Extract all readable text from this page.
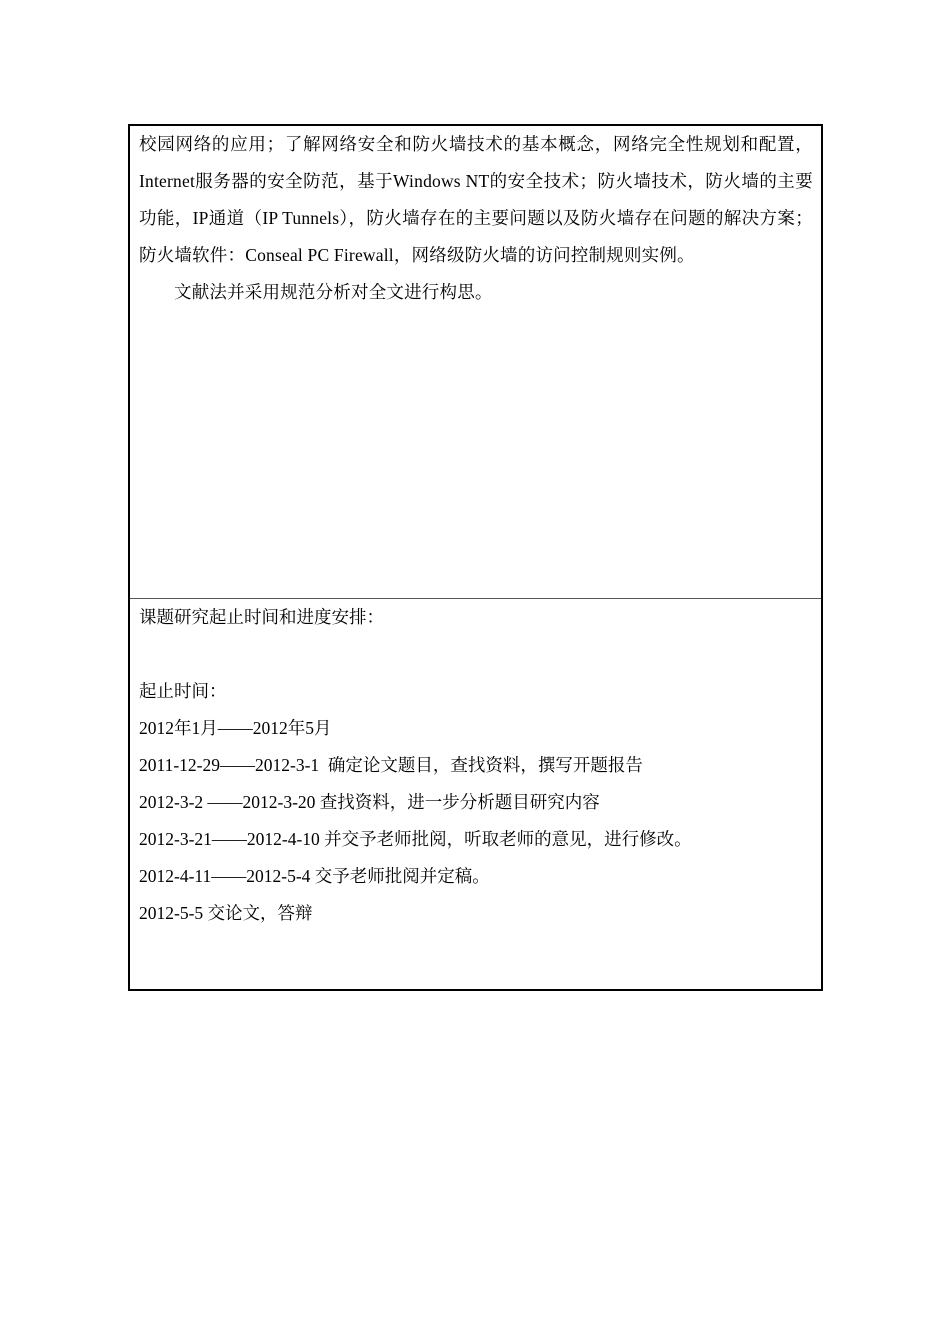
校园网络的应用；了解网络安全和防火墙技术的基本概念，网络完全性规划和配置，Internet服务器的安全防范，基于Windows NT的安全技术；防火墙技术，防火墙的主要功能，IP通道（IP Tunnels），防火墙存在的主要问题以及防火墙存在问题的解决方案；防火墙软件：Conseal PC Firewall，网络级防火墙的访问控制规则实例。

文献法并采用规范分析对全文进行构思。

课题研究起止时间和进度安排：

起止时间：

2012年1月——2012年5月

2011-12-29——2012-3-1  确定论文题目，查找资料，撰写开题报告

2012-3-2 ——2012-3-20 查找资料，进一步分析题目研究内容

2012-3-21——2012-4-10 并交予老师批阅，听取老师的意见，进行修改。

2012-4-11——2012-5-4 交予老师批阅并定稿。

2012-5-5 交论文，答辩
